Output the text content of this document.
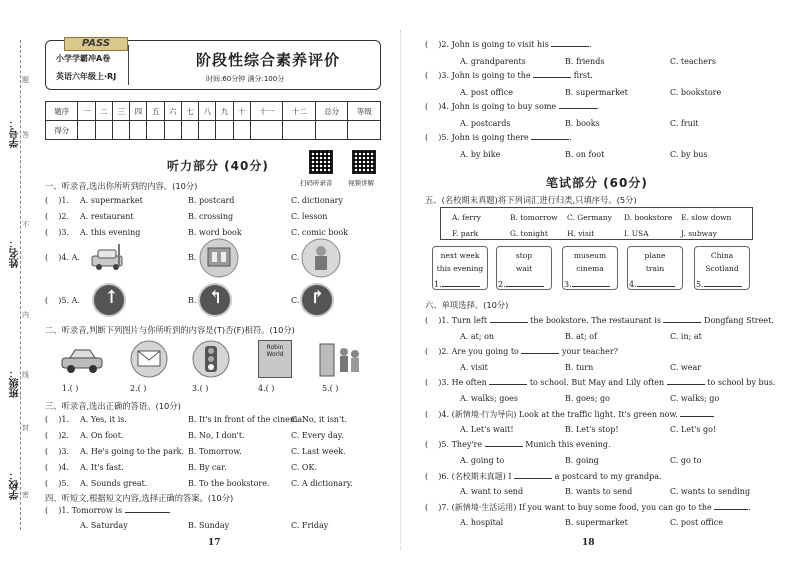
学号：
姓名：
班级：
学校：
题
答
不
内
线
封
密
PASS
小学学霸冲A卷
英语六年级上·RJ
阶段性综合素养评价
时间:60分钟 满分:100分
题序	一	二	三	四	五	六	七	八	九	十	十一	十二	总分	等级
得分														
听力部分 (40分)
扫码听录音 视频讲解
一、听录音,选出你所听到的内容。(10分)
(    )1. A. supermarket	B. postcard	C. dictionary
(    )2. A. restaurant	B. crossing	C. lesson
(    )3. A. this evening	B. word book	C. comic book
(    )4. A.	B.	C.
(    )5. A. ↑	B. ↰	C. ↱
二、听录音,判断下列图片与你所听到的内容是(T)否(F)相符。(10分)
Robin World
1.( )	2.( )	3.( )	4.( )	5.( )
三、听录音,选出正确的答语。(10分)
(    )1. A. Yes, it is.	B. It's in front of the cinema.
C. No, it isn't.
(    )2. A. On foot.	B. No, I don't.	C. Every day.
(    )3. A. He's going to the park. B. Tomorrow.	C. Last week.
(    )4. A. It's fast.	B. By car.	C. OK.
(    )5. A. Sounds great.	B. To the bookstore.	C. A dictionary.
四、听短文,根据短文内容,选择正确的答案。(10分)
(    )1. Tomorrow is	.
A. Saturday	B. Sunday	C. Friday
17
(    )2. John is going to visit his	.
A. grandparents	B. friends	C. teachers
(    )3. John is going to the	first.
A. post office	B. supermarket	C. bookstore
(    )4. John is going to buy some	.
A. postcards	B. books	C. fruit
(    )5. John is going there	.
A. by bike	B. on foot	C. by bus
笔试部分 (60分)
五、(名校期末真题)将下列词汇进行归类,只填序号。(5分)
A. ferry	B. tomorrow C. Germany D. bookstore E. slow down
F. park	G. tonight	H. visit	I. USA	J. subway
next week
this evening
stop
wait
museum
cinema
plane
train
China
Scotland
1.	2.	3.	4.	5.
六、单项选择。(10分)
(    )1. Turn left	the bookstore. The restaurant is	Dongfang Street.
A. at; on	B. at; of	C. in; at
(    )2. Are you going to	your teacher?
A. visit	B. turn	C. wear
(    )3. He often	to school. But May and Lily often	to school by bus.
A. walks; goes	B. goes; go	C. walks; go
(    )4. (新情境·行为导向) Look at the traffic light. It's green now.
A. Let's wait!	B. Let's stop!	C. Let's go!
(    )5. They're	Munich this evening.
A. going to	B. going	C. go to
(    )6. (名校期末真题) I	a postcard to my grandpa.
A. want to send	B. wants to send	C. wants to sending
(    )7. (新情境·生活运用) If you want to buy some food, you can go to the	.
A. hospital	B. supermarket	C. post office
18
